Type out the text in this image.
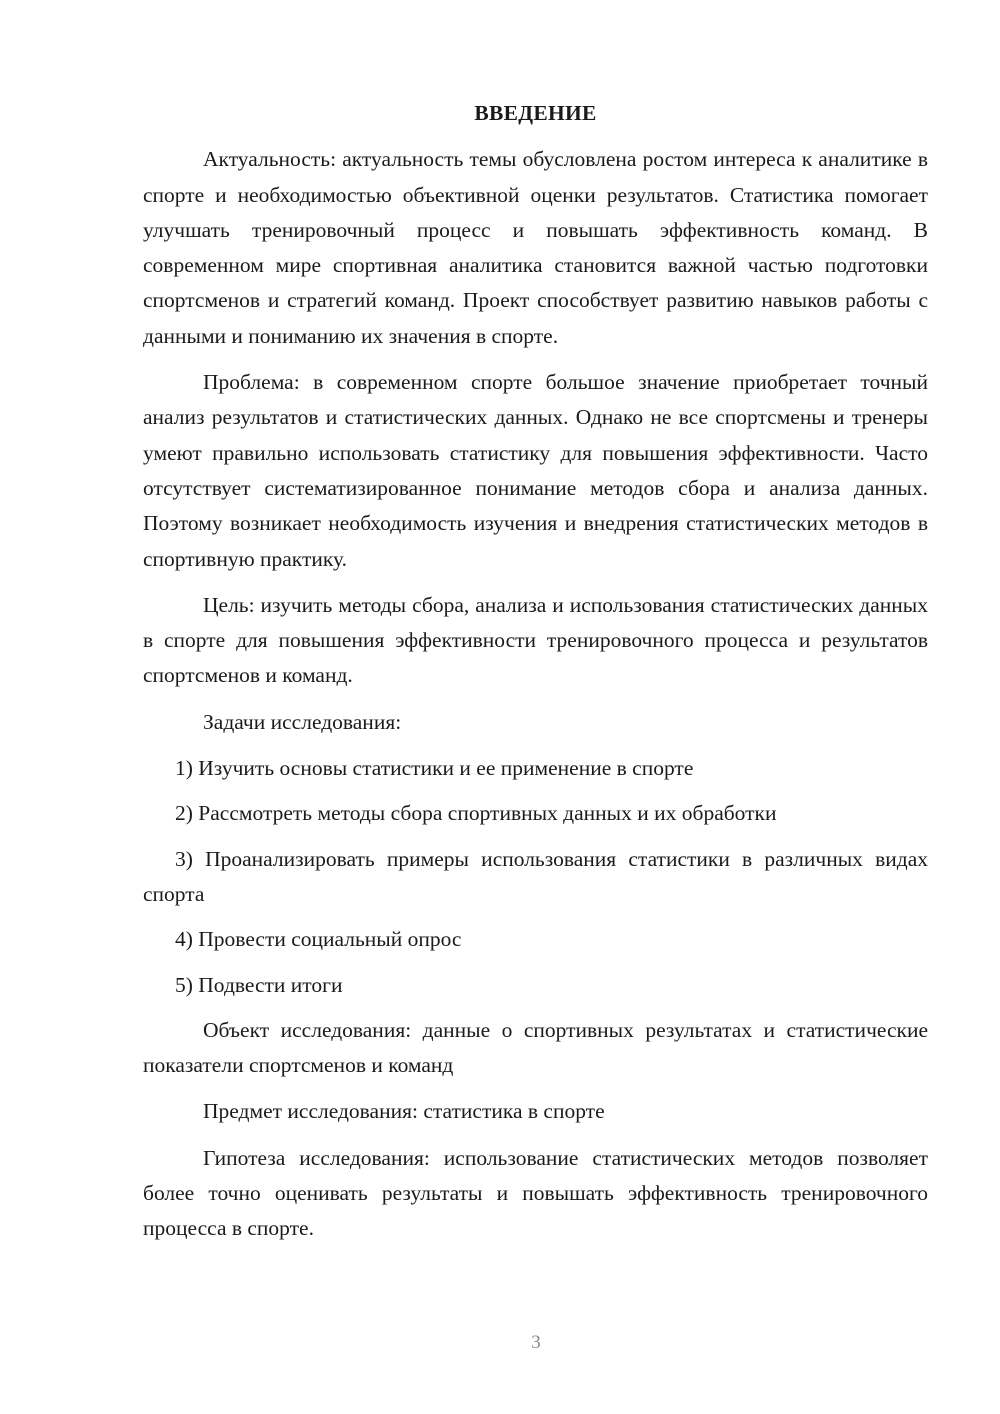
ВВЕДЕНИЕ

Актуальность: актуальность темы обусловлена ростом интереса к аналитике в спорте и необходимостью объективной оценки результатов. Статистика помогает улучшать тренировочный процесс и повышать эффективность команд. В современном мире спортивная аналитика становится важной частью подготовки спортсменов и стратегий команд. Проект способствует развитию навыков работы с данными и пониманию их значения в спорте.

Проблема: в современном спорте большое значение приобретает точный анализ результатов и статистических данных. Однако не все спортсмены и тренеры умеют правильно использовать статистику для повышения эффективности. Часто отсутствует систематизированное понимание методов сбора и анализа данных. Поэтому возникает необходимость изучения и внедрения статистических методов в спортивную практику.

Цель: изучить методы сбора, анализа и использования статистических данных в спорте для повышения эффективности тренировочного процесса и результатов спортсменов и команд.

Задачи исследования:

1) Изучить основы статистики и ее применение в спорте

2) Рассмотреть методы сбора спортивных данных и их обработки

3) Проанализировать примеры использования статистики в различных видах спорта

4) Провести социальный опрос

5) Подвести итоги

Объект исследования: данные о спортивных результатах и статистические показатели спортсменов и команд

Предмет исследования: статистика в спорте

Гипотеза исследования: использование статистических методов позволяет более точно оценивать результаты и повышать эффективность тренировочного процесса в спорте.

3
